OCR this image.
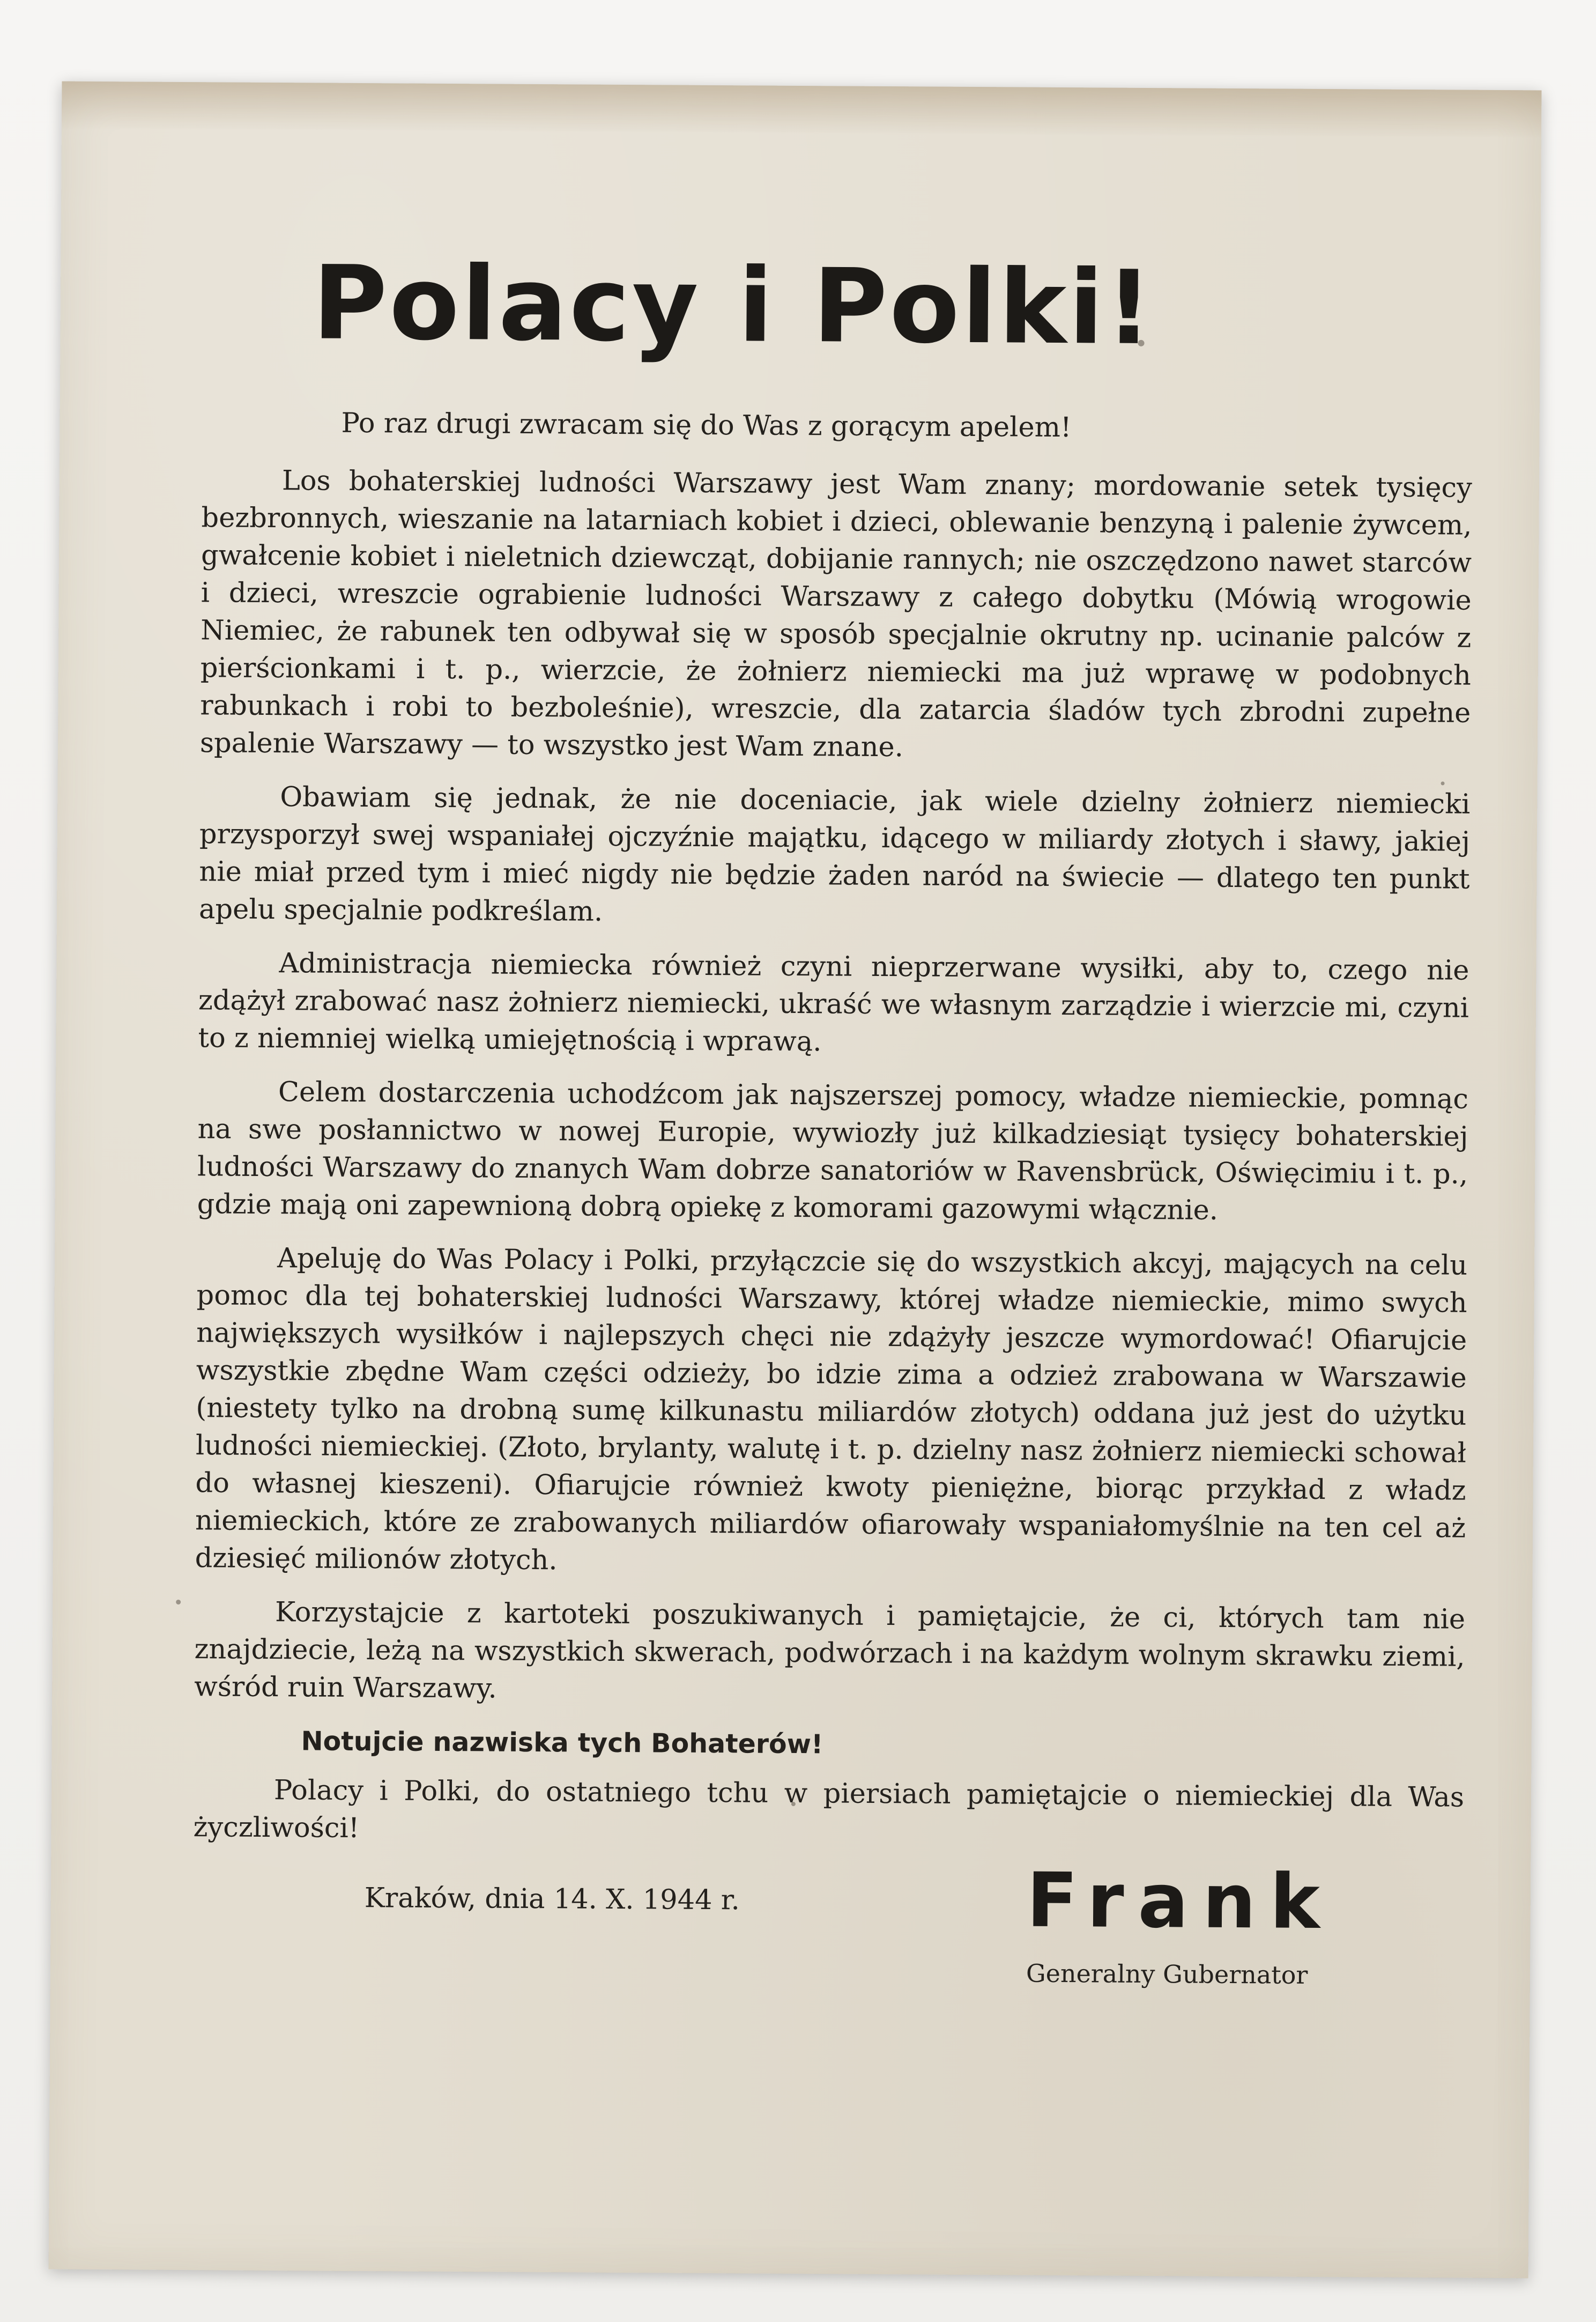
Polacy i Polki!

Po raz drugi zwracam się do Was z gorącym apelem!

Los bohaterskiej ludności Warszawy jest Wam znany; mordowanie setek tysięcy bezbronnych, wieszanie na latarniach kobiet i dzieci, oblewanie benzyną i palenie żywcem, gwałcenie kobiet i nieletnich dziewcząt, dobijanie rannych; nie oszczędzono nawet starców i dzieci, wreszcie ograbienie ludności Warszawy z całego dobytku (Mówią wrogowie Niemiec, że rabunek ten odbywał się w sposób specjalnie okrutny np. ucinanie palców z pierścionkami i t. p., wierzcie, że żołnierz niemiecki ma już wprawę w podobnych rabunkach i robi to bezboleśnie), wreszcie, dla zatarcia śladów tych zbrodni zupełne spalenie Warszawy — to wszystko jest Wam znane.

Obawiam się jednak, że nie doceniacie, jak wiele dzielny żołnierz niemiecki przysporzył swej wspaniałej ojczyźnie majątku, idącego w miliardy złotych i sławy, jakiej nie miał przed tym i mieć nigdy nie będzie żaden naród na świecie — dlatego ten punkt apelu specjalnie podkreślam.

Administracja niemiecka również czyni nieprzerwane wysiłki, aby to, czego nie zdążył zrabować nasz żołnierz niemiecki, ukraść we własnym zarządzie i wierzcie mi, czyni to z niemniej wielką umiejętnością i wprawą.

Celem dostarczenia uchodźcom jak najszerszej pomocy, władze niemieckie, pomnąc na swe posłannictwo w nowej Europie, wywiozły już kilkadziesiąt tysięcy bohaterskiej ludności Warszawy do znanych Wam dobrze sanatoriów w Ravensbrück, Oświęcimiu i t. p., gdzie mają oni zapewnioną dobrą opiekę z komorami gazowymi włącznie.

Apeluję do Was Polacy i Polki, przyłączcie się do wszystkich akcyj, mających na celu pomoc dla tej bohaterskiej ludności Warszawy, której władze niemieckie, mimo swych największych wysiłków i najlepszych chęci nie zdążyły jeszcze wymordować! Ofiarujcie wszystkie zbędne Wam części odzieży, bo idzie zima a odzież zrabowana w Warszawie (niestety tylko na drobną sumę kilkunastu miliardów złotych) oddana już jest do użytku ludności niemieckiej. (Złoto, brylanty, walutę i t. p. dzielny nasz żołnierz niemiecki schował do własnej kieszeni). Ofiarujcie również kwoty pieniężne, biorąc przykład z władz niemieckich, które ze zrabowanych miliardów ofiarowały wspaniałomyślnie na ten cel aż dziesięć milionów złotych.

Korzystajcie z kartoteki poszukiwanych i pamiętajcie, że ci, których tam nie znajdziecie, leżą na wszystkich skwerach, podwórzach i na każdym wolnym skrawku ziemi, wśród ruin Warszawy.

Notujcie nazwiska tych Bohaterów!

Polacy i Polki, do ostatniego tchu w piersiach pamiętajcie o niemieckiej dla Was życzliwości!

Kraków, dnia 14. X. 1944 r.	Frank
Generalny Gubernator
